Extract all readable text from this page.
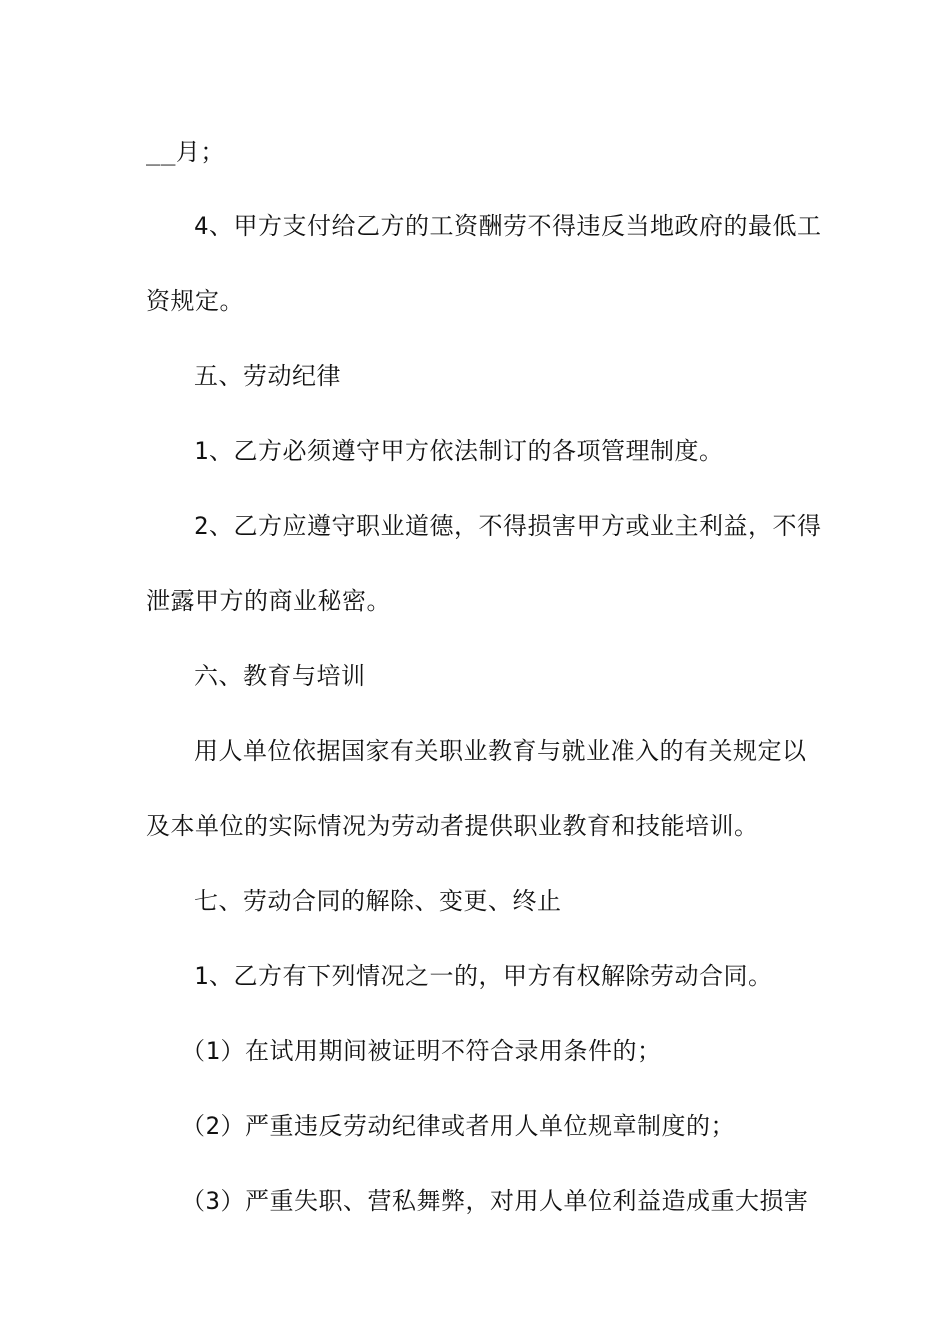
__月；
4、甲方支付给乙方的工资酬劳不得违反当地政府的最低工
资规定。
五、劳动纪律
1、乙方必须遵守甲方依法制订的各项管理制度。
2、乙方应遵守职业道德，不得损害甲方或业主利益，不得
泄露甲方的商业秘密。
六、教育与培训
用人单位依据国家有关职业教育与就业准入的有关规定以
及本单位的实际情况为劳动者提供职业教育和技能培训。
七、劳动合同的解除、变更、终止
1、乙方有下列情况之一的，甲方有权解除劳动合同。
（1）在试用期间被证明不符合录用条件的；
（2）严重违反劳动纪律或者用人单位规章制度的；
（3）严重失职、营私舞弊，对用人单位利益造成重大损害
